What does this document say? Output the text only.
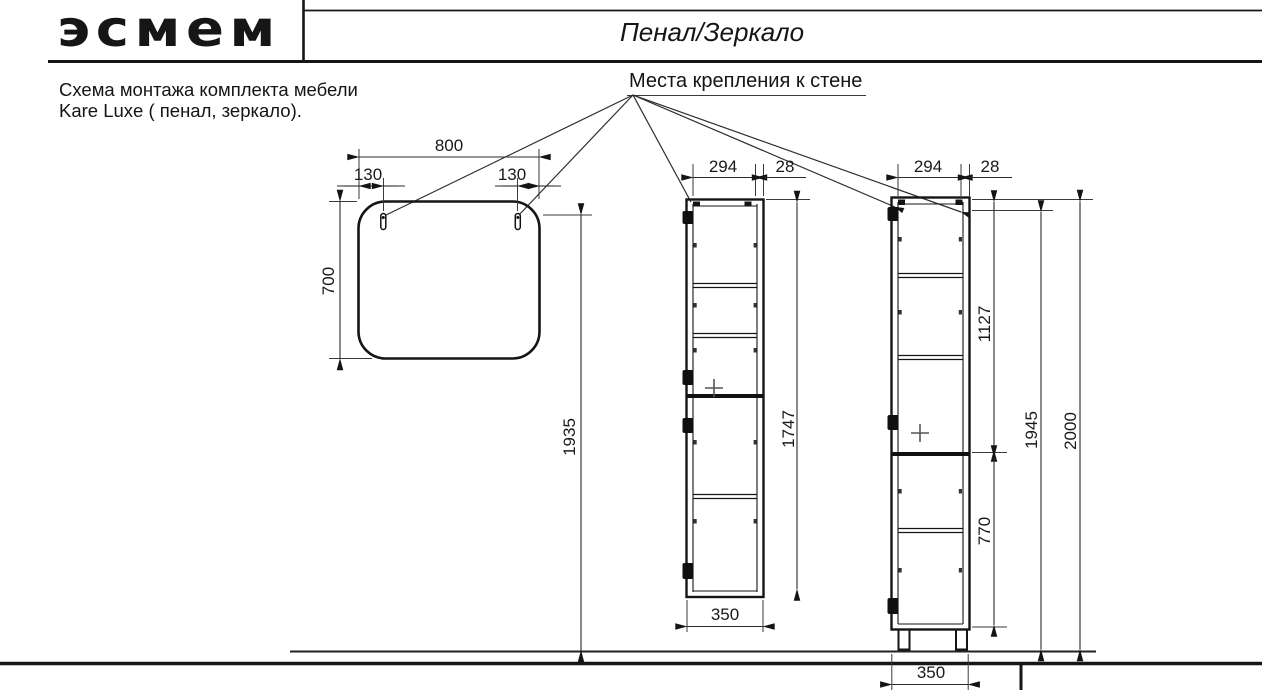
эсмем	Пенал/Зеркало
Схема монтажа комплекта мебели
Kare Luxe ( пенал, зеркало).
Места крепления к стене
800
130	130
700
1935
294 28
1747
350
294 28
1127
770
1945 2000
350
